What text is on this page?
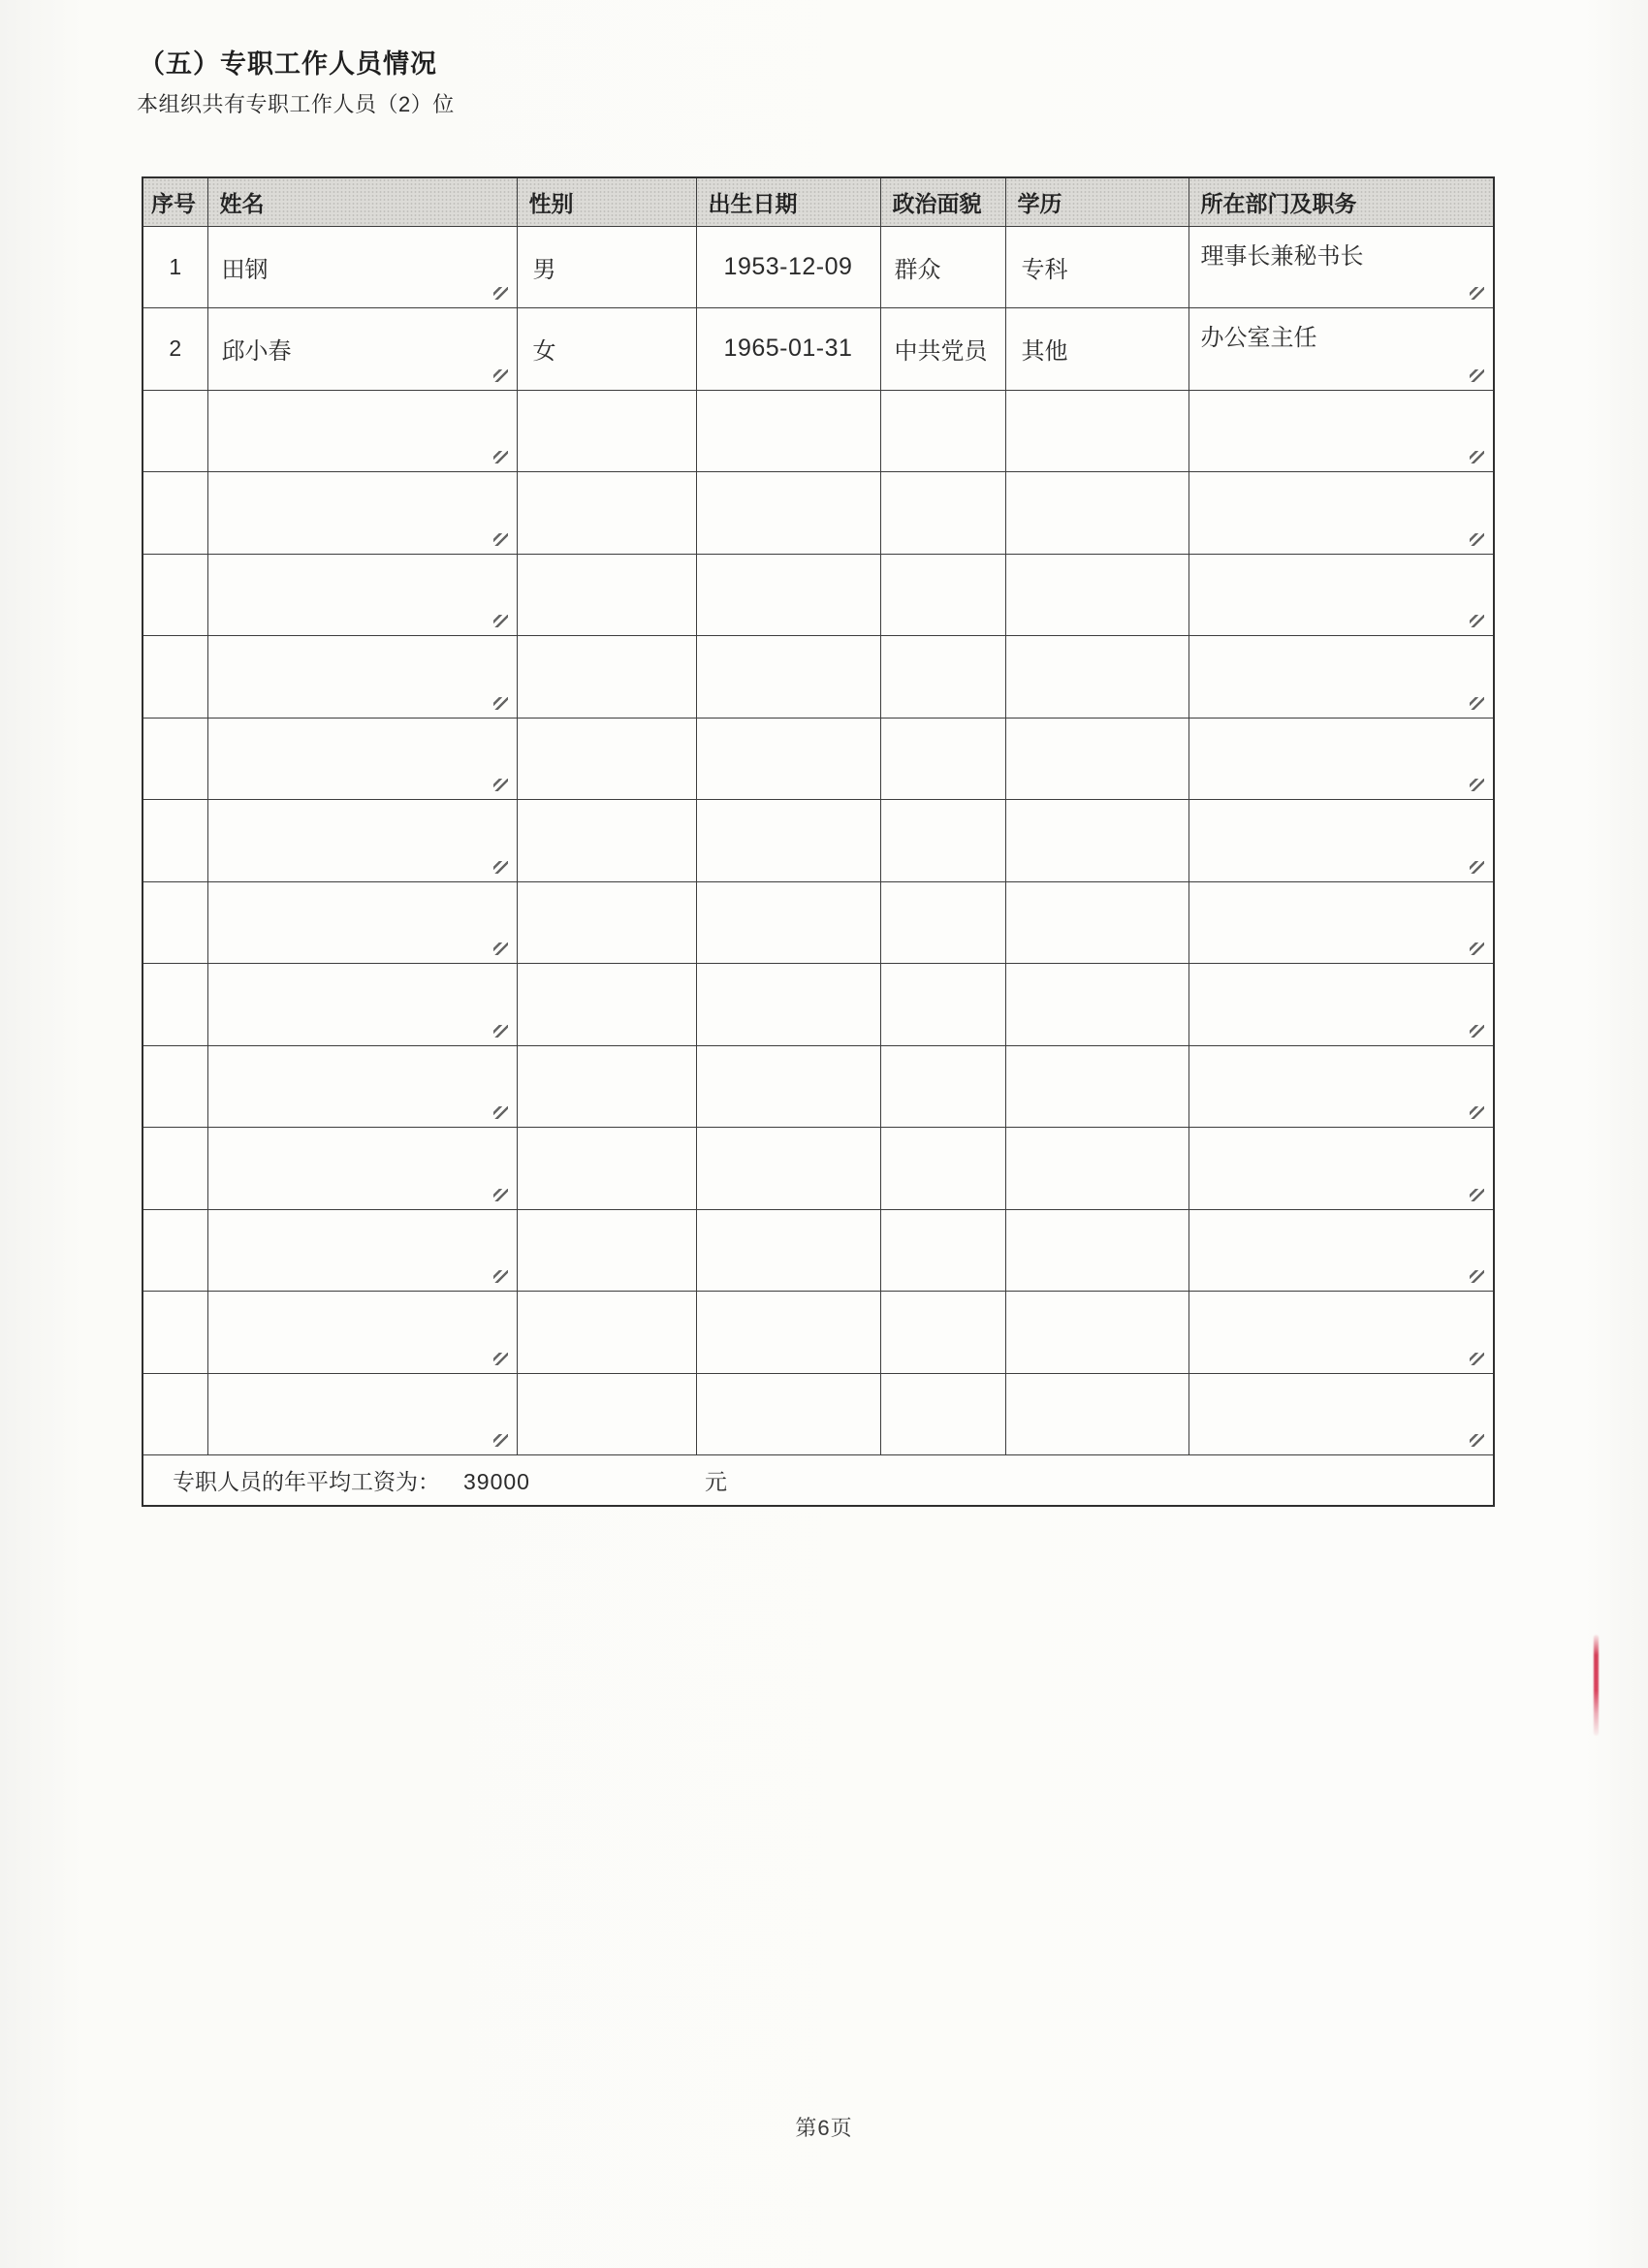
（五）专职工作人员情况
本组织共有专职工作人员（2）位
序号	姓名	性别	出生日期	政治面貌	学历	所在部门及职务
1	田钢	男	1953-12-09	群众	专科	理事长兼秘书长

2	邱小春	女	1965-01-31	中共党员	其他	办公室主任

专职人员的年平均工资为： 39000 元						
第6页
